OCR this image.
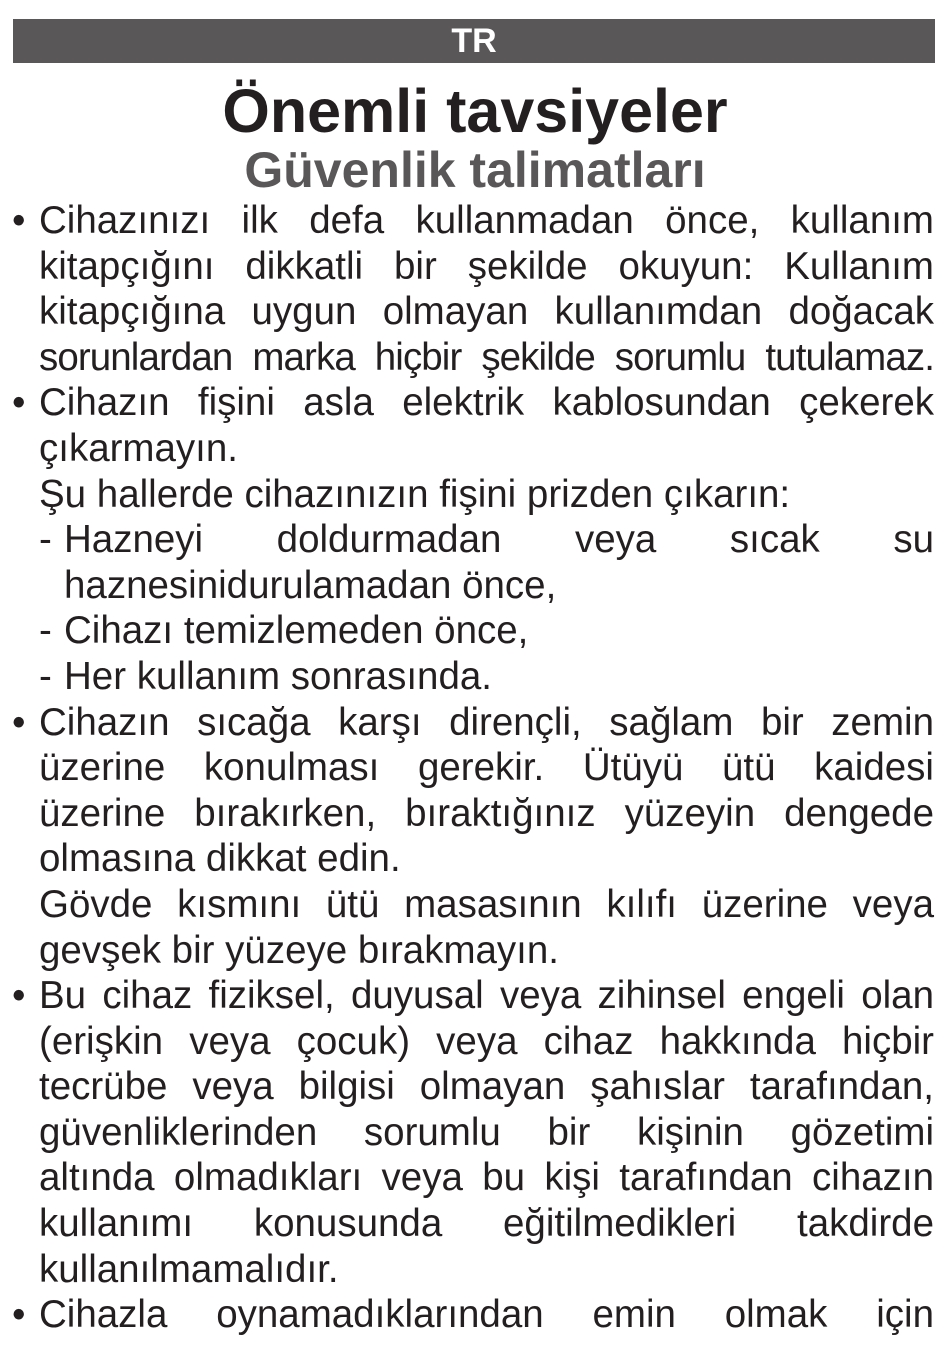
TR
Önemli tavsiyeler
Güvenlik talimatları
• Cihazınızı ilk defa kullanmadan önce, kullanım
kitapçığını dikkatli bir şekilde okuyun: Kullanım
kitapçığına uygun olmayan kullanımdan doğacak
sorunlardan marka hiçbir şekilde sorumlu tutulamaz.
• Cihazın fişini asla elektrik kablosundan çekerek
çıkarmayın.
Şu hallerde cihazınızın fişini prizden çıkarın:
- Hazneyi doldurmadan veya sıcak su
haznesinidurulamadan önce,
- Cihazı temizlemeden önce,
- Her kullanım sonrasında.
• Cihazın sıcağa karşı dirençli, sağlam bir zemin
üzerine konulması gerekir. Ütüyü ütü kaidesi
üzerine bırakırken, bıraktığınız yüzeyin dengede
olmasına dikkat edin.
Gövde kısmını ütü masasının kılıfı üzerine veya
gevşek bir yüzeye bırakmayın.
• Bu cihaz fiziksel, duyusal veya zihinsel engeli olan
(erişkin veya çocuk) veya cihaz hakkında hiçbir
tecrübe veya bilgisi olmayan şahıslar tarafından,
güvenliklerinden sorumlu bir kişinin gözetimi
altında olmadıkları veya bu kişi tarafından cihazın
kullanımı konusunda eğitilmedikleri takdirde
kullanılmamalıdır.
• Cihazla oynamadıklarından emin olmak için
